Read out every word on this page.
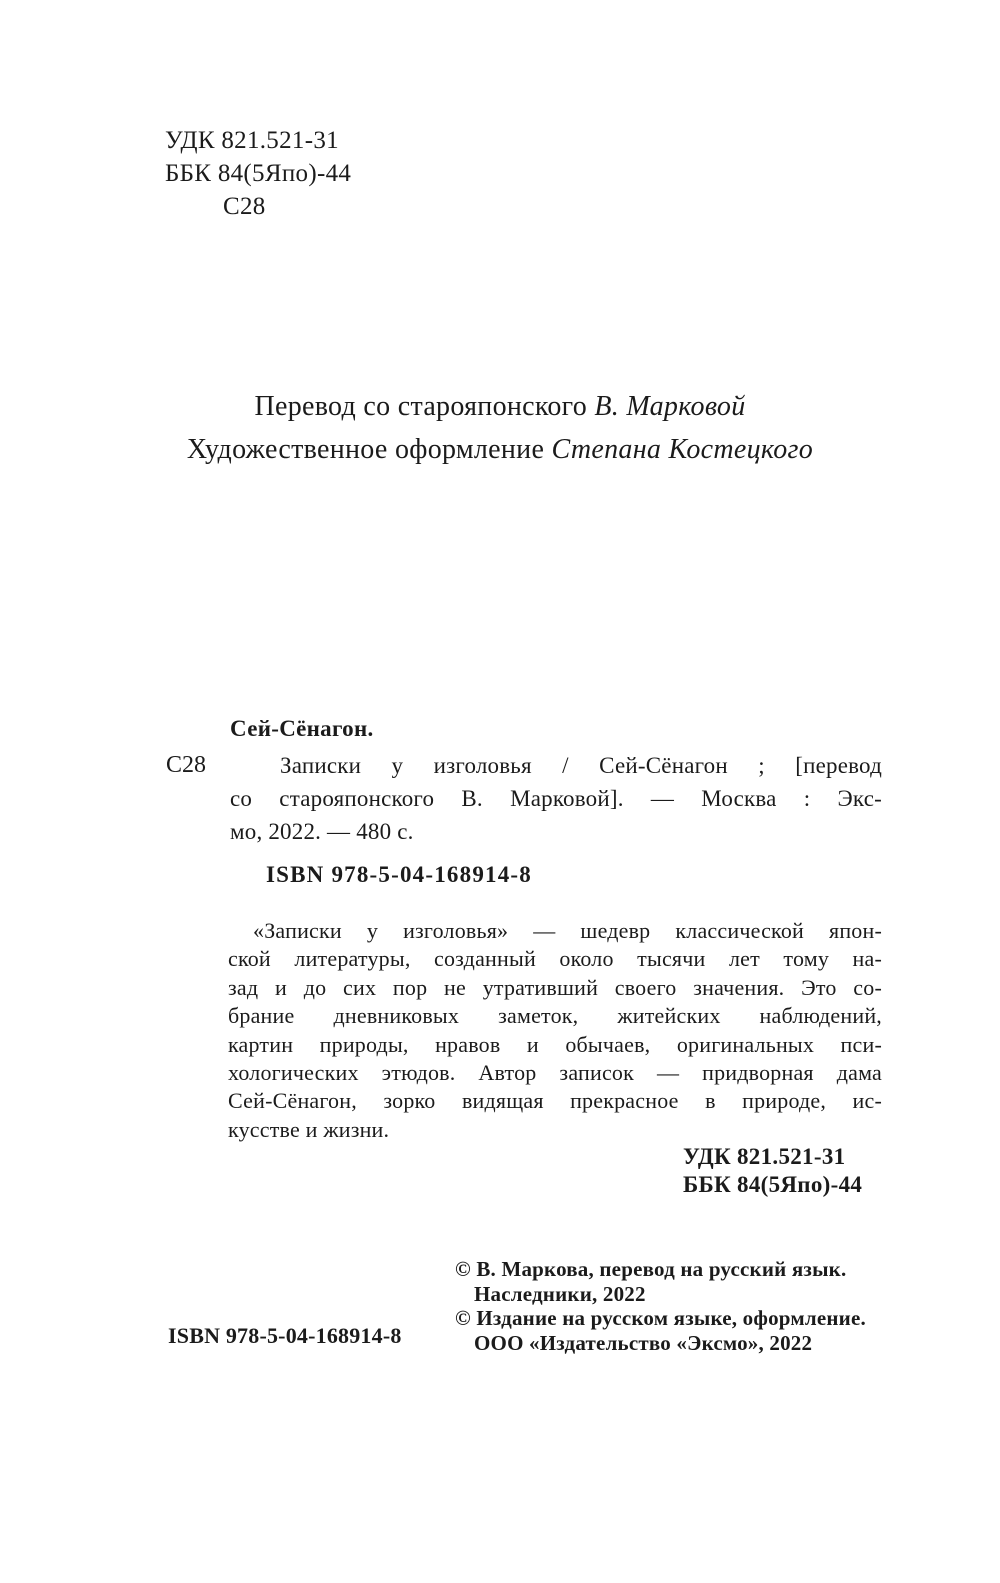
УДК 821.521-31
ББК 84(5Япо)-44
С28
Перевод со старояпонского В. Марковой
Художественное оформление Степана Костецкого
Сей-Сёнагон.
С28	Записки у изголовья / Сей-Сёнагон ; [перевод
со старояпонского В. Марковой]. — Москва : Экс-
мо, 2022. — 480 с.
ISBN 978-5-04-168914-8
«Записки у изголовья» — шедевр классической япон-
ской литературы, созданный около тысячи лет тому на-
зад и до сих пор не утративший своего значения. Это со-
брание дневниковых заметок, житейских наблюдений,
картин природы, нравов и обычаев, оригинальных пси-
хологических этюдов. Автор записок — придворная дама
Сей-Сёнагон, зорко видящая прекрасное в природе, ис-
кусстве и жизни.
УДК 821.521-31
ББК 84(5Япо)-44
© В. Маркова, перевод на русский язык.
Наследники, 2022
© Издание на русском языке, оформление.
ООО «Издательство «Эксмо», 2022
ISBN 978-5-04-168914-8
